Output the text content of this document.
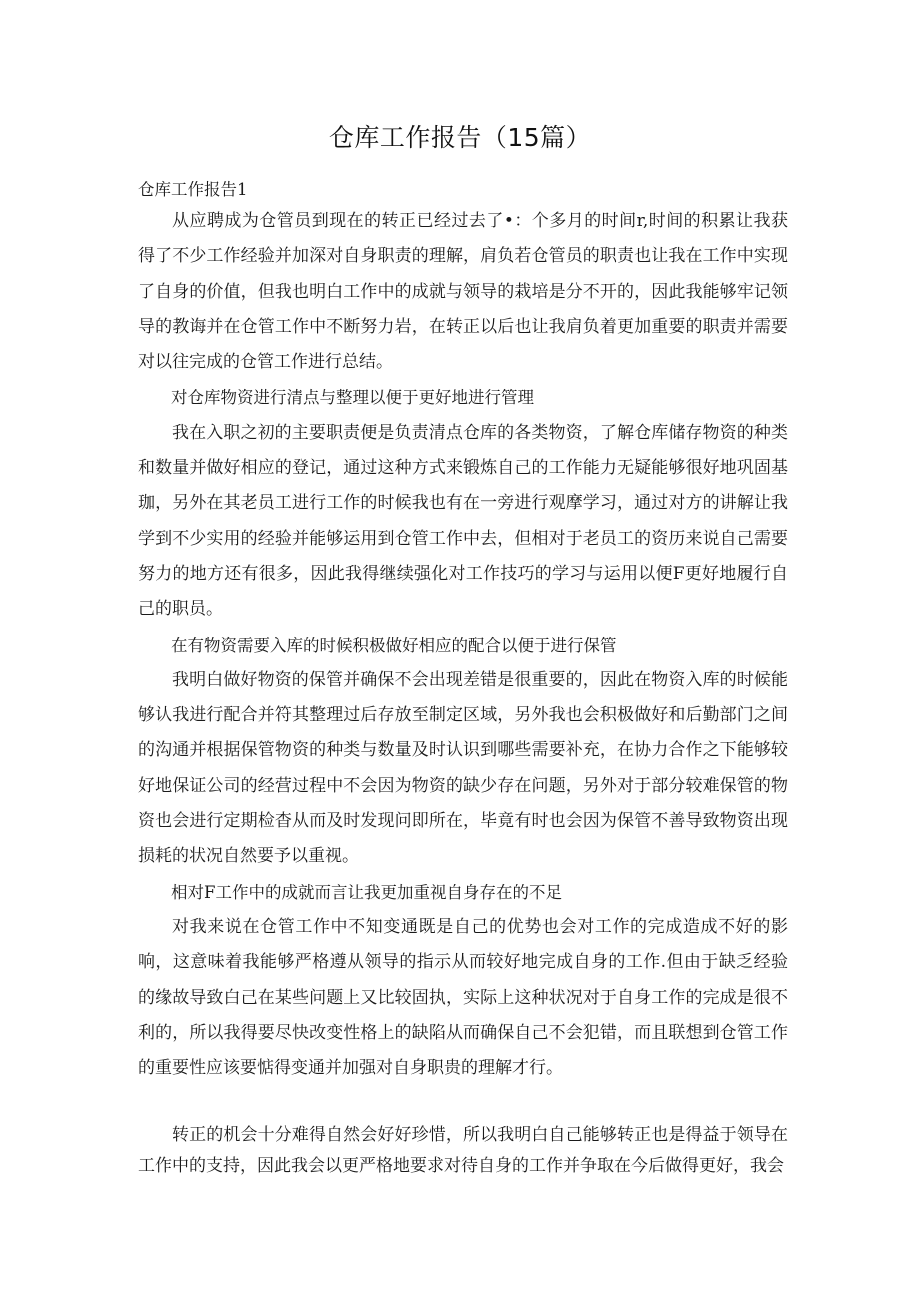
仓库工作报告（15篇）
仓库工作报告1

从应聘成为仓管员到现在的转正已经过去了•：个多月的时间r,时间的积累让我获得了不少工作经验并加深对自身职责的理解，肩负若仓管员的职责也让我在工作中实现了自身的价值，但我也明白工作中的成就与领导的栽培是分不开的，因此我能够牢记领导的教诲并在仓管工作中不断努力岩，在转正以后也让我肩负着更加重要的职责并需要对以往完成的仓管工作进行总结。

对仓库物资进行清点与整理以便于更好地进行管理

我在入职之初的主要职责便是负责清点仓库的各类物资，了解仓库储存物资的种类和数量并做好相应的登记，通过这种方式来锻炼自己的工作能力无疑能够很好地巩固基珈，另外在其老员工进行工作的时候我也有在一旁进行观摩学习，通过对方的讲解让我学到不少实用的经验并能够运用到仓管工作中去，但相对于老员工的资历来说自己需要努力的地方还有很多，因此我得继续强化对工作技巧的学习与运用以便F更好地履行自己的职员。

在有物资需要入库的时候积极做好相应的配合以便于进行保管

我明白做好物资的保管并确保不会出现差错是很重要的，因此在物资入库的时候能够认我进行配合并符其整理过后存放至制定区域，另外我也会积极做好和后勤部门之间的沟通并根据保管物资的种类与数量及时认识到哪些需要补充，在协力合作之下能够较好地保证公司的经营过程中不会因为物资的缺少存在问题，另外对于部分较难保管的物资也会进行定期检杳从而及时发现问即所在，毕竟有时也会因为保管不善导致物资出现损耗的状况自然要予以重视。

相对F工作中的成就而言让我更加重视自身存在的不足

对我来说在仓管工作中不知变通既是自己的优势也会对工作的完成造成不好的影响，这意味着我能够严格遵从领导的指示从而较好地完成自身的工作.但由于缺乏经验的缘故导致白己在某些问题上又比较固执，实际上这种状况对于自身工作的完成是很不利的，所以我得要尽快改变性格上的缺陷从而确保自己不会犯错，而且联想到仓管工作的重要性应该要惦得变通并加强对自身职贵的理解才行。

转正的机会十分难得自然会好好珍惜，所以我明白自己能够转正也是得益于领导在工作中的支持，因此我会以更严格地要求对待自身的工作并争取在今后做得更好，我会
